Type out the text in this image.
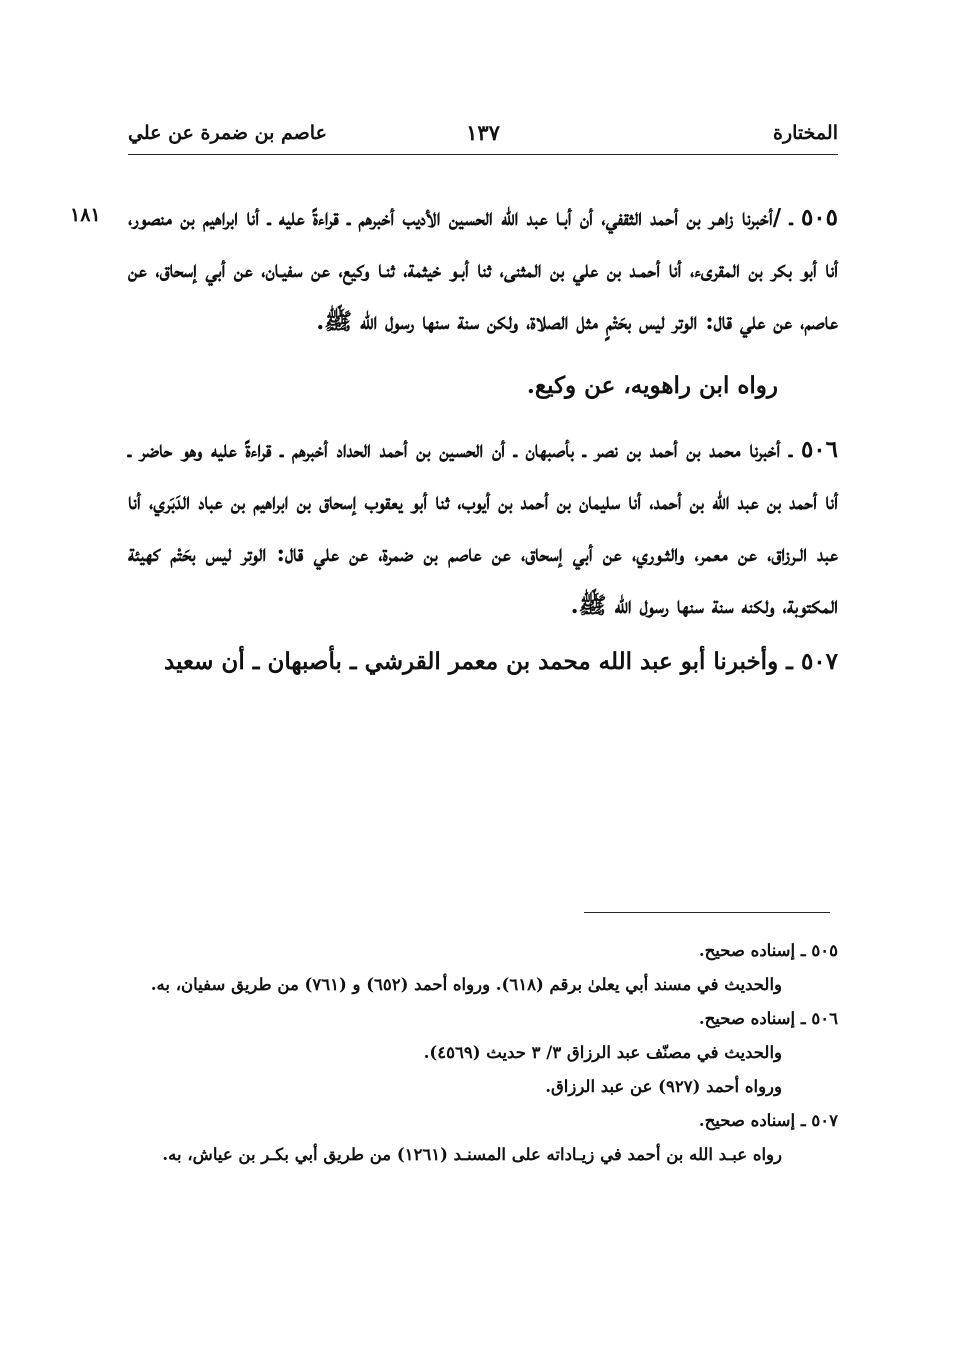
المختارة
١٣٧
عاصم بن ضمرة عن علي
١٨١ ٥٠٥ ـ /أخبرنا زاهـر بن أحمد الثقفي، أن أبـا عبد الله الحسين الأديب أخبرهم ـ قراءةً عليه ـ أنا ابراهيم بن منصور، أنا أبو بكر بن المقرىء، أنا أحمـد بن علي بن المثنى، ثنا أبـو خيثمة، ثنـا وكيع، عن سفيـان، عن أبي إسحاق، عن عاصم، عن علي قال: الوتر ليس بحَتْمٍ مثل الصلاة، ولكن سنة سنها رسول الله ﷺ.

رواه ابن راهويه، عن وكيع.

٥٠٦ ـ أخبرنا محمد بن أحمد بن نصر ـ بأصبهان ـ أن الحسين بن أحمد الحداد أخبرهم ـ قراءةً عليه وهو حاضر ـ أنا أحمد بن عبد الله بن أحمد، أنا سليمان بن أحمد بن أيوب، ثنا أبو يعقوب إسحاق بن ابراهيم بن عباد الدَبَري، أنا عبد الـرزاق، عن معمر، والثـوري، عن أبي إسحاق، عن عاصم بن ضمرة، عن علي قال: الوتر ليس بحَتْم كهيئة المكتوبة، ولكنه سنة سنها رسول الله ﷺ.

٥٠٧ ـ وأخبرنا أبو عبد الله محمد بن معمر القرشي ـ بأصبهان ـ أن سعيد

٥٠٥ ـ إسناده صحيح.

والحديث في مسند أبي يعلىٰ برقم (٦١٨). ورواه أحمد (٦٥٢) و (٧٦١) من طريق سفيان، به.

٥٠٦ ـ إسناده صحيح.

والحديث في مصنّف عبد الرزاق ٣/ ٣ حديث (٤٥٦٩).

ورواه أحمد (٩٢٧) عن عبد الرزاق.

٥٠٧ ـ إسناده صحيح.

رواه عبـد الله بن أحمد في زيـاداته على المسنـد (١٢٦١) من طريق أبي بكـر بن عياش، به.
